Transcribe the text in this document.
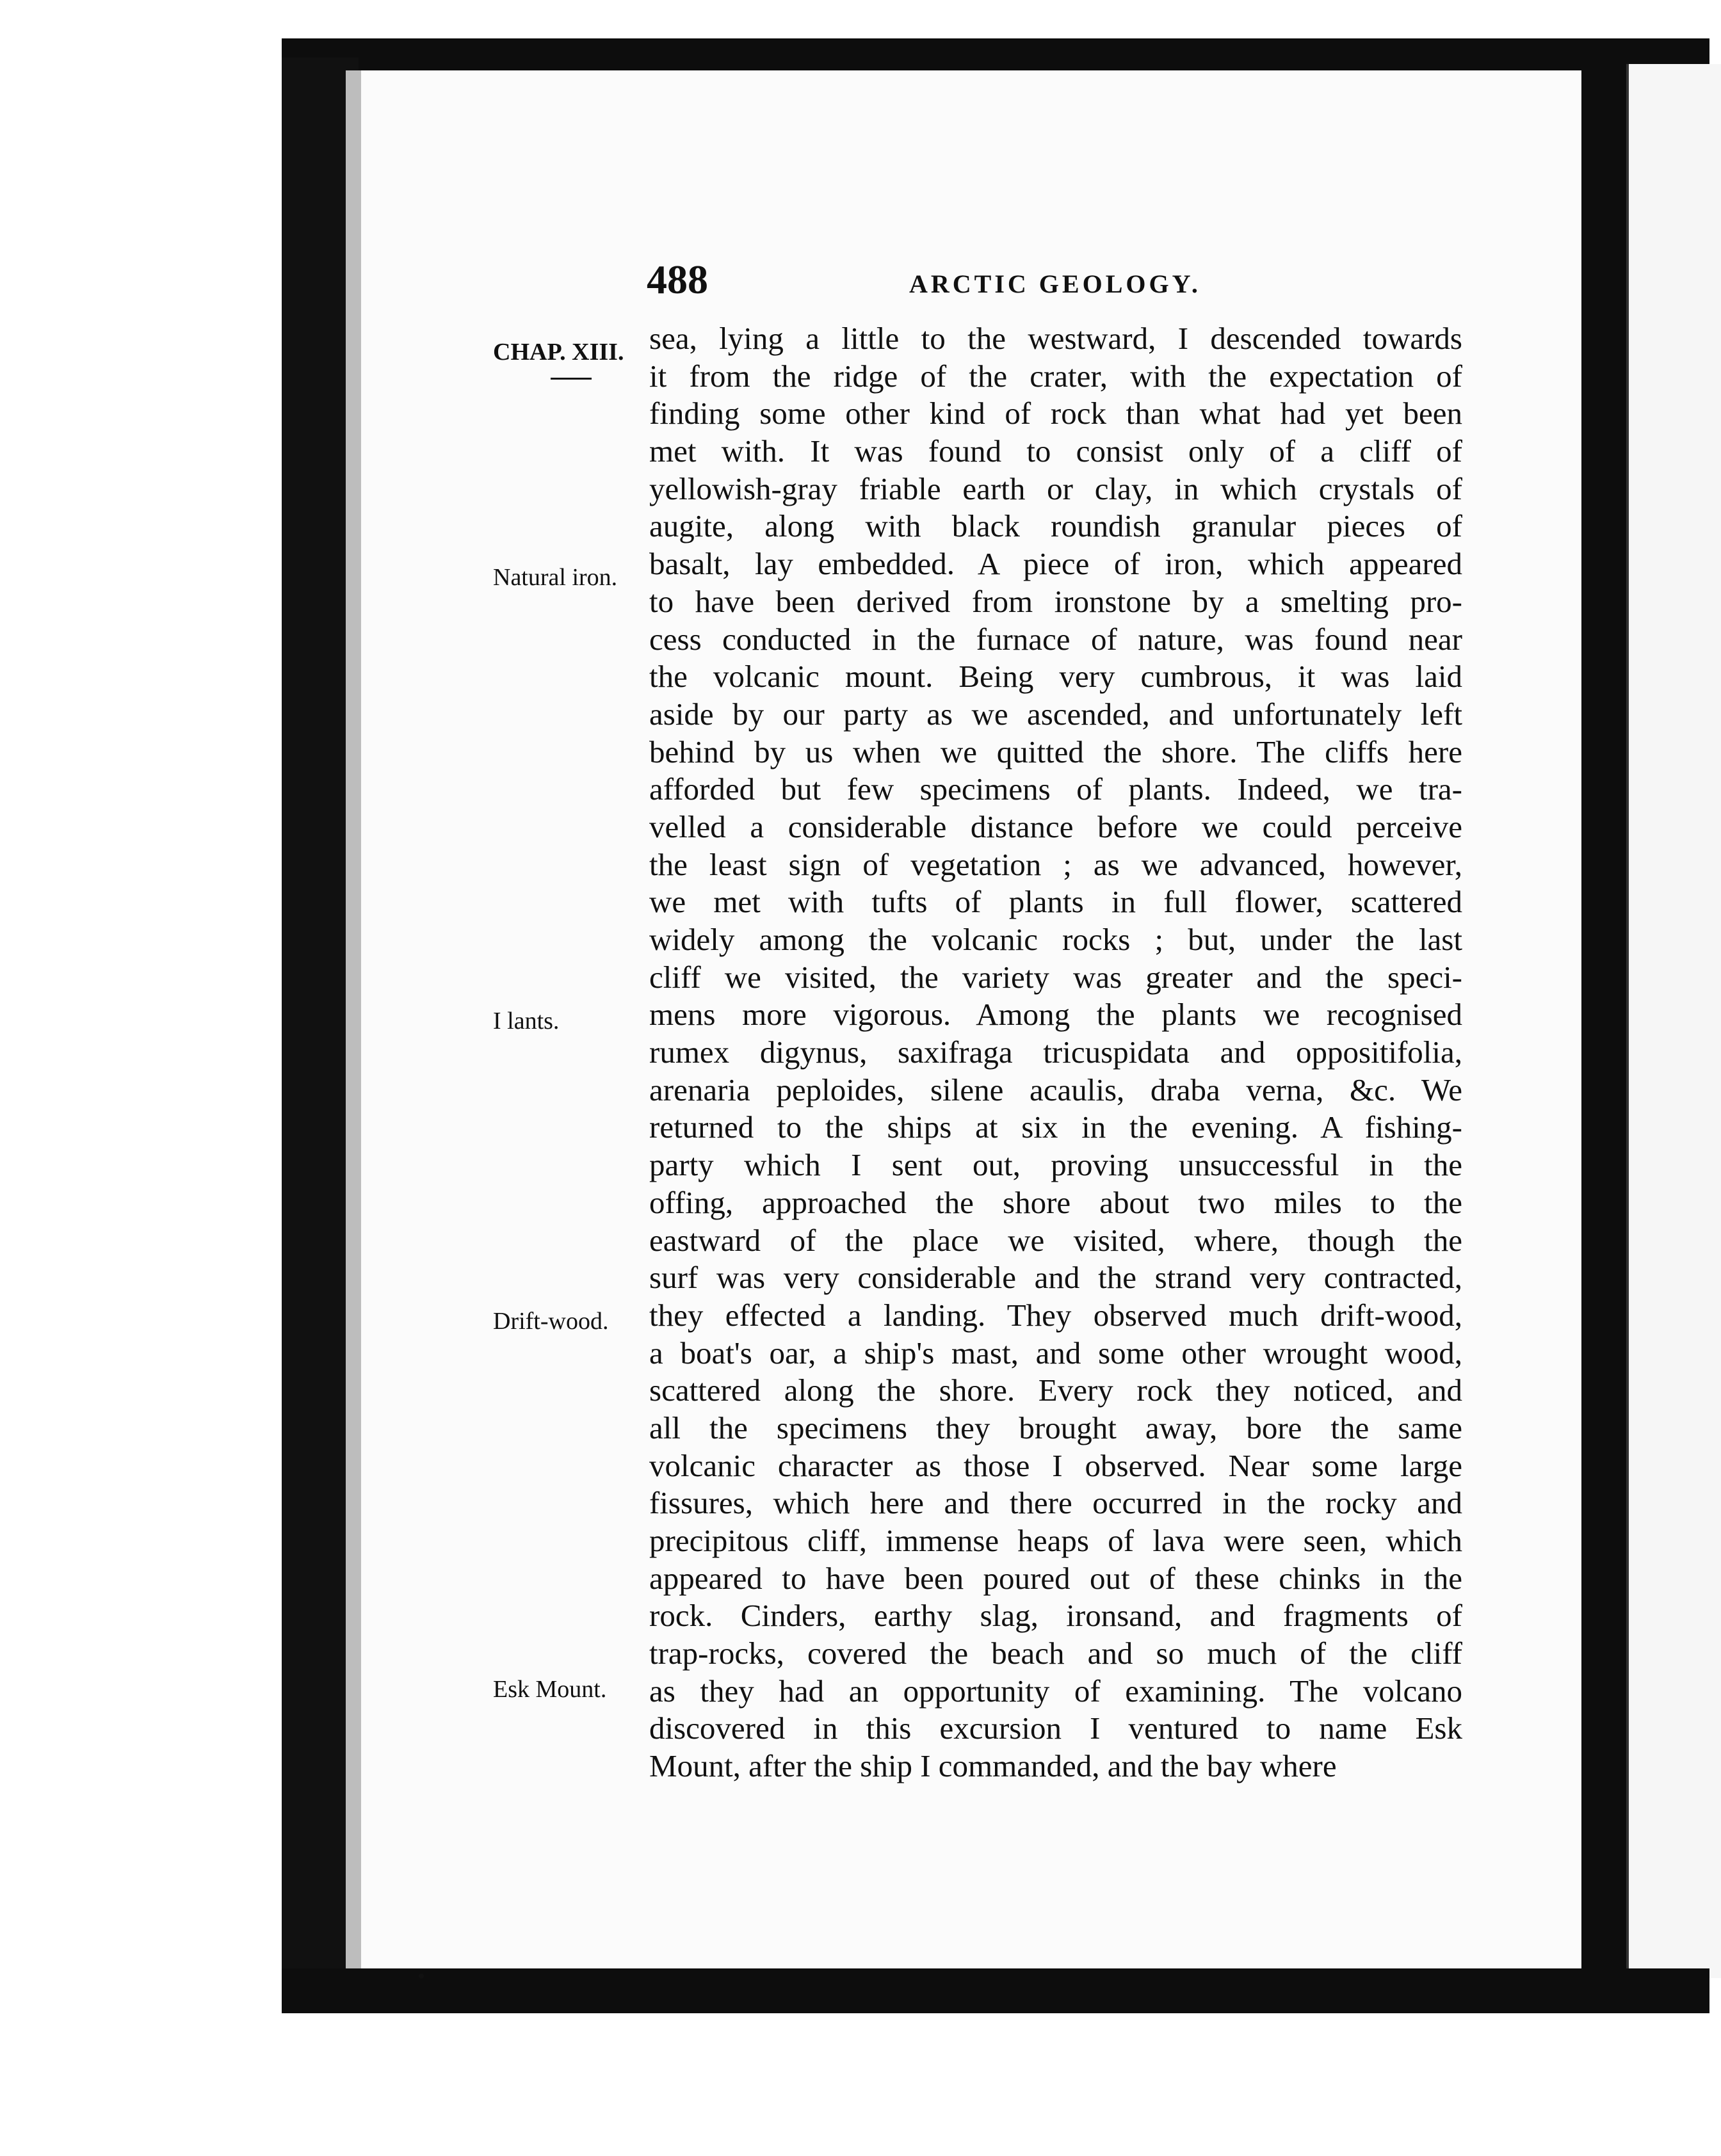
488	ARCTIC GEOLOGY.
CHAP. XIII.
Natural iron.
I lants.
Drift-wood.
Esk Mount.
sea, lying a little to the westward, I descended towards
it from the ridge of the crater, with the expectation of
finding some other kind of rock than what had yet been
met with. It was found to consist only of a cliff of
yellowish-gray friable earth or clay, in which crystals of
augite, along with black roundish granular pieces of
basalt, lay embedded. A piece of iron, which appeared
to have been derived from ironstone by a smelting pro-
cess conducted in the furnace of nature, was found near
the volcanic mount. Being very cumbrous, it was laid
aside by our party as we ascended, and unfortunately left
behind by us when we quitted the shore. The cliffs here
afforded but few specimens of plants. Indeed, we tra-
velled a considerable distance before we could perceive
the least sign of vegetation ; as we advanced, however,
we met with tufts of plants in full flower, scattered
widely among the volcanic rocks ; but, under the last
cliff we visited, the variety was greater and the speci-
mens more vigorous. Among the plants we recognised
rumex digynus, saxifraga tricuspidata and oppositifolia,
arenaria peploides, silene acaulis, draba verna, &c. We
returned to the ships at six in the evening. A fishing-
party which I sent out, proving unsuccessful in the
offing, approached the shore about two miles to the
eastward of the place we visited, where, though the
surf was very considerable and the strand very contracted,
they effected a landing. They observed much drift-wood,
a boat's oar, a ship's mast, and some other wrought wood,
scattered along the shore. Every rock they noticed, and
all the specimens they brought away, bore the same
volcanic character as those I observed. Near some large
fissures, which here and there occurred in the rocky and
precipitous cliff, immense heaps of lava were seen, which
appeared to have been poured out of these chinks in the
rock. Cinders, earthy slag, ironsand, and fragments of
trap-rocks, covered the beach and so much of the cliff
as they had an opportunity of examining. The volcano
discovered in this excursion I ventured to name Esk
Mount, after the ship I commanded, and the bay where
